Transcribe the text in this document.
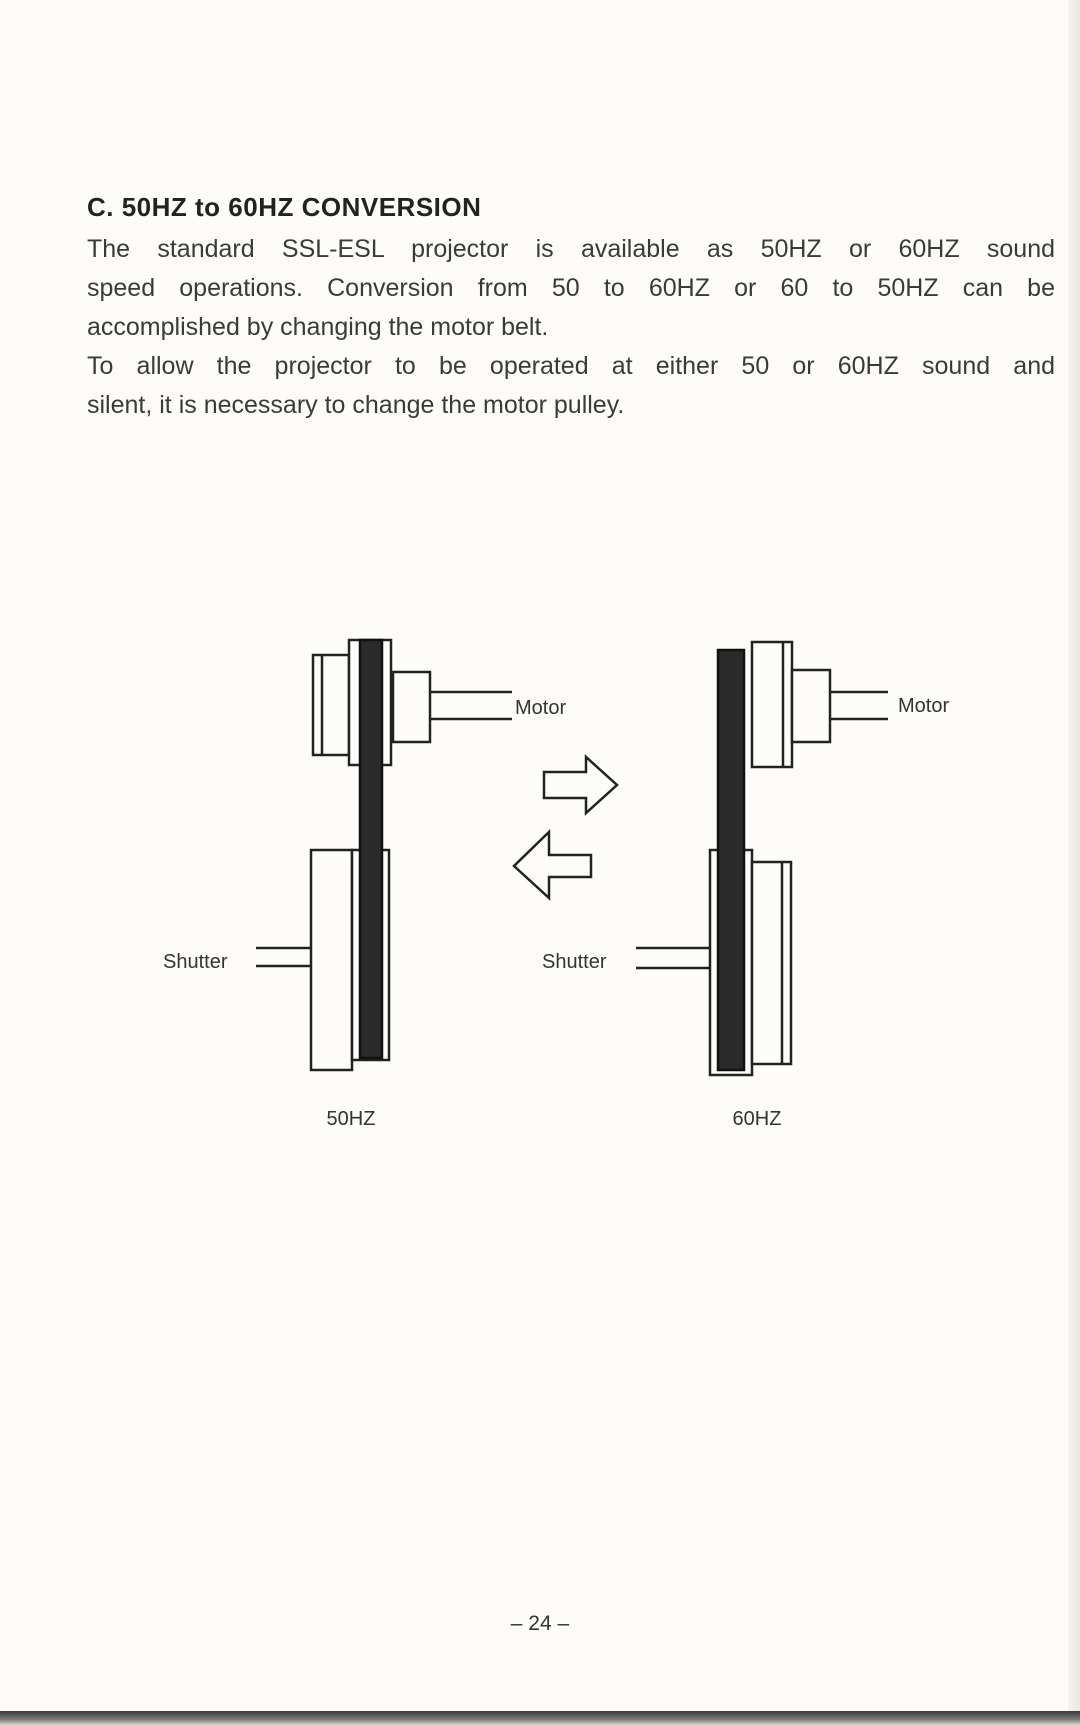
C. 50HZ to 60HZ CONVERSION

The standard SSL-ESL projector is available as 50HZ or 60HZ sound

speed operations. Conversion from 50 to 60HZ or 60 to 50HZ can be

accomplished by changing the motor belt.

To allow the projector to be operated at either 50 or 60HZ sound and

silent, it is necessary to change the motor pulley.

Motor
Shutter
50HZ
Motor
Shutter
60HZ

– 24 –
